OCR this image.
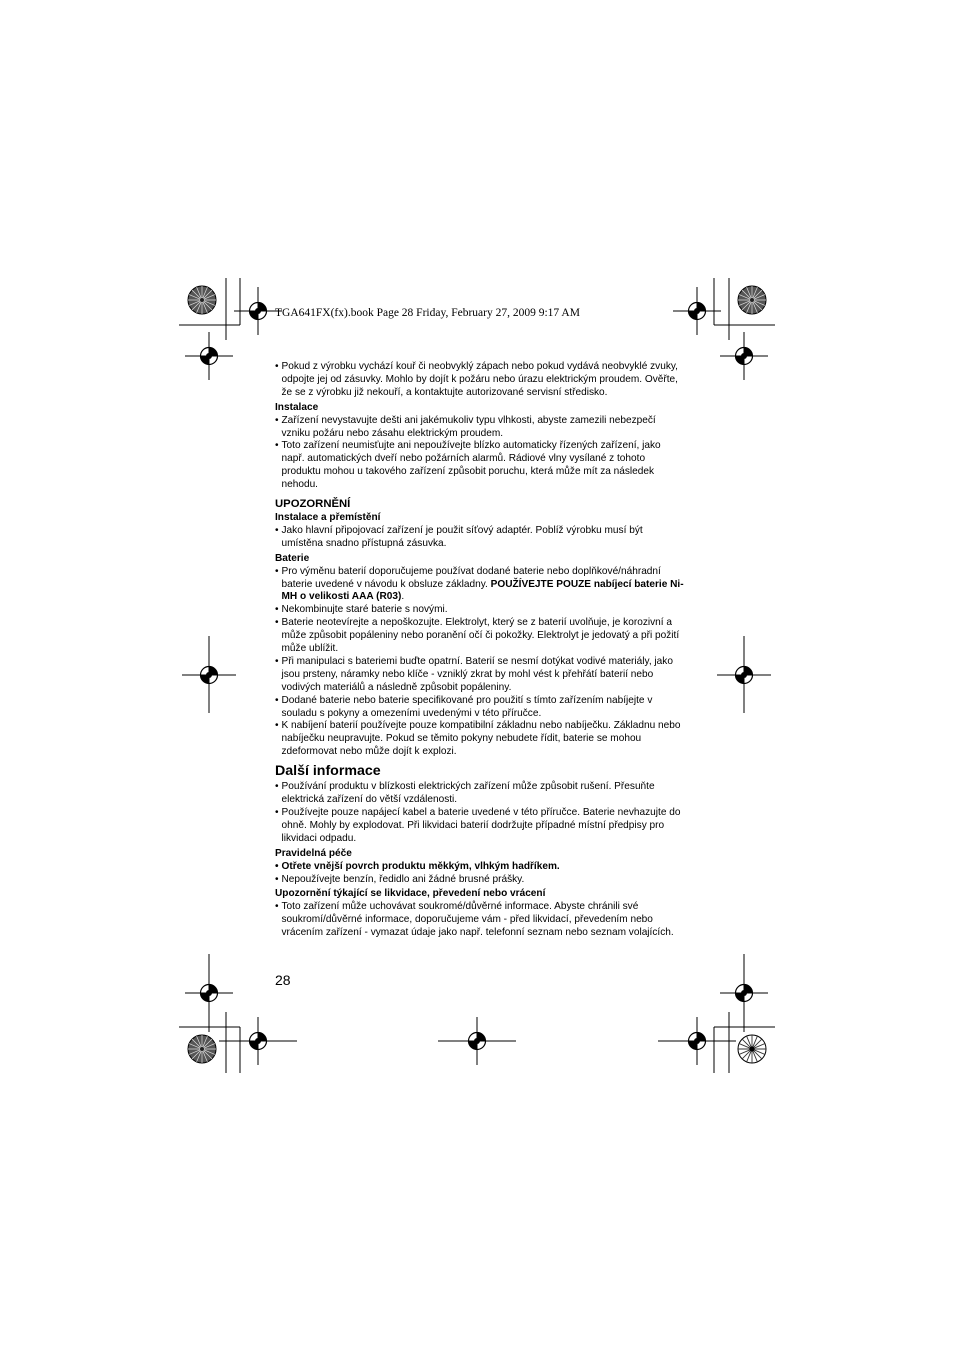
TGA641FX(fx).book Page 28 Friday, February 27, 2009 9:17 AM

• Pokud z výrobku vychází kouř či neobvyklý zápach nebo pokud vydává neobvyklé zvuky, odpojte jej od zásuvky. Mohlo by dojít k požáru nebo úrazu elektrickým proudem. Ověřte, že se z výrobku již nekouří, a kontaktujte autorizované servisní středisko.

Instalace

• Zařízení nevystavujte dešti ani jakémukoliv typu vlhkosti, abyste zamezili nebezpečí vzniku požáru nebo zásahu elektrickým proudem.

• Toto zařízení neumisťujte ani nepoužívejte blízko automaticky řízených zařízení, jako např. automatických dveří nebo požárních alarmů. Rádiové vlny vysílané z tohoto produktu mohou u takového zařízení způsobit poruchu, která může mít za následek nehodu.

UPOZORNĚNÍ

Instalace a přemístění

• Jako hlavní připojovací zařízení je použit síťový adaptér. Poblíž výrobku musí být umístěna snadno přístupná zásuvka.

Baterie

• Pro výměnu baterií doporučujeme používat dodané baterie nebo doplňkové/náhradní baterie uvedené v návodu k obsluze základny. POUŽÍVEJTE POUZE nabíjecí baterie Ni-MH o velikosti AAA (R03).

• Nekombinujte staré baterie s novými.

• Baterie neotevírejte a nepoškozujte. Elektrolyt, který se z baterií uvolňuje, je korozivní a může způsobit popáleniny nebo poranění očí či pokožky. Elektrolyt je jedovatý a při požití může ublížit.

• Při manipulaci s bateriemi buďte opatrní. Baterií se nesmí dotýkat vodivé materiály, jako jsou prsteny, náramky nebo klíče - vzniklý zkrat by mohl vést k přehřátí baterií nebo vodivých materiálů a následně způsobit popáleniny.

• Dodané baterie nebo baterie specifikované pro použití s tímto zařízením nabíjejte v souladu s pokyny a omezeními uvedenými v této příručce.

• K nabíjení baterií používejte pouze kompatibilní základnu nebo nabíječku. Základnu nebo nabíječku neupravujte. Pokud se těmito pokyny nebudete řídit, baterie se mohou zdeformovat nebo může dojít k explozi.

Další informace

• Používání produktu v blízkosti elektrických zařízení může způsobit rušení. Přesuňte elektrická zařízení do větší vzdálenosti.

• Používejte pouze napájecí kabel a baterie uvedené v této příručce. Baterie nevhazujte do ohně. Mohly by explodovat. Při likvidaci baterií dodržujte případné místní předpisy pro likvidaci odpadu.

Pravidelná péče

• Otřete vnější povrch produktu měkkým, vlhkým hadříkem.

• Nepoužívejte benzín, ředidlo ani žádné brusné prášky.

Upozornění týkající se likvidace, převedení nebo vrácení

• Toto zařízení může uchovávat soukromé/důvěrné informace. Abyste chránili své soukromí/důvěrné informace, doporučujeme vám - před likvidací, převedením nebo vrácením zařízení - vymazat údaje jako např. telefonní seznam nebo seznam volajících.

28
